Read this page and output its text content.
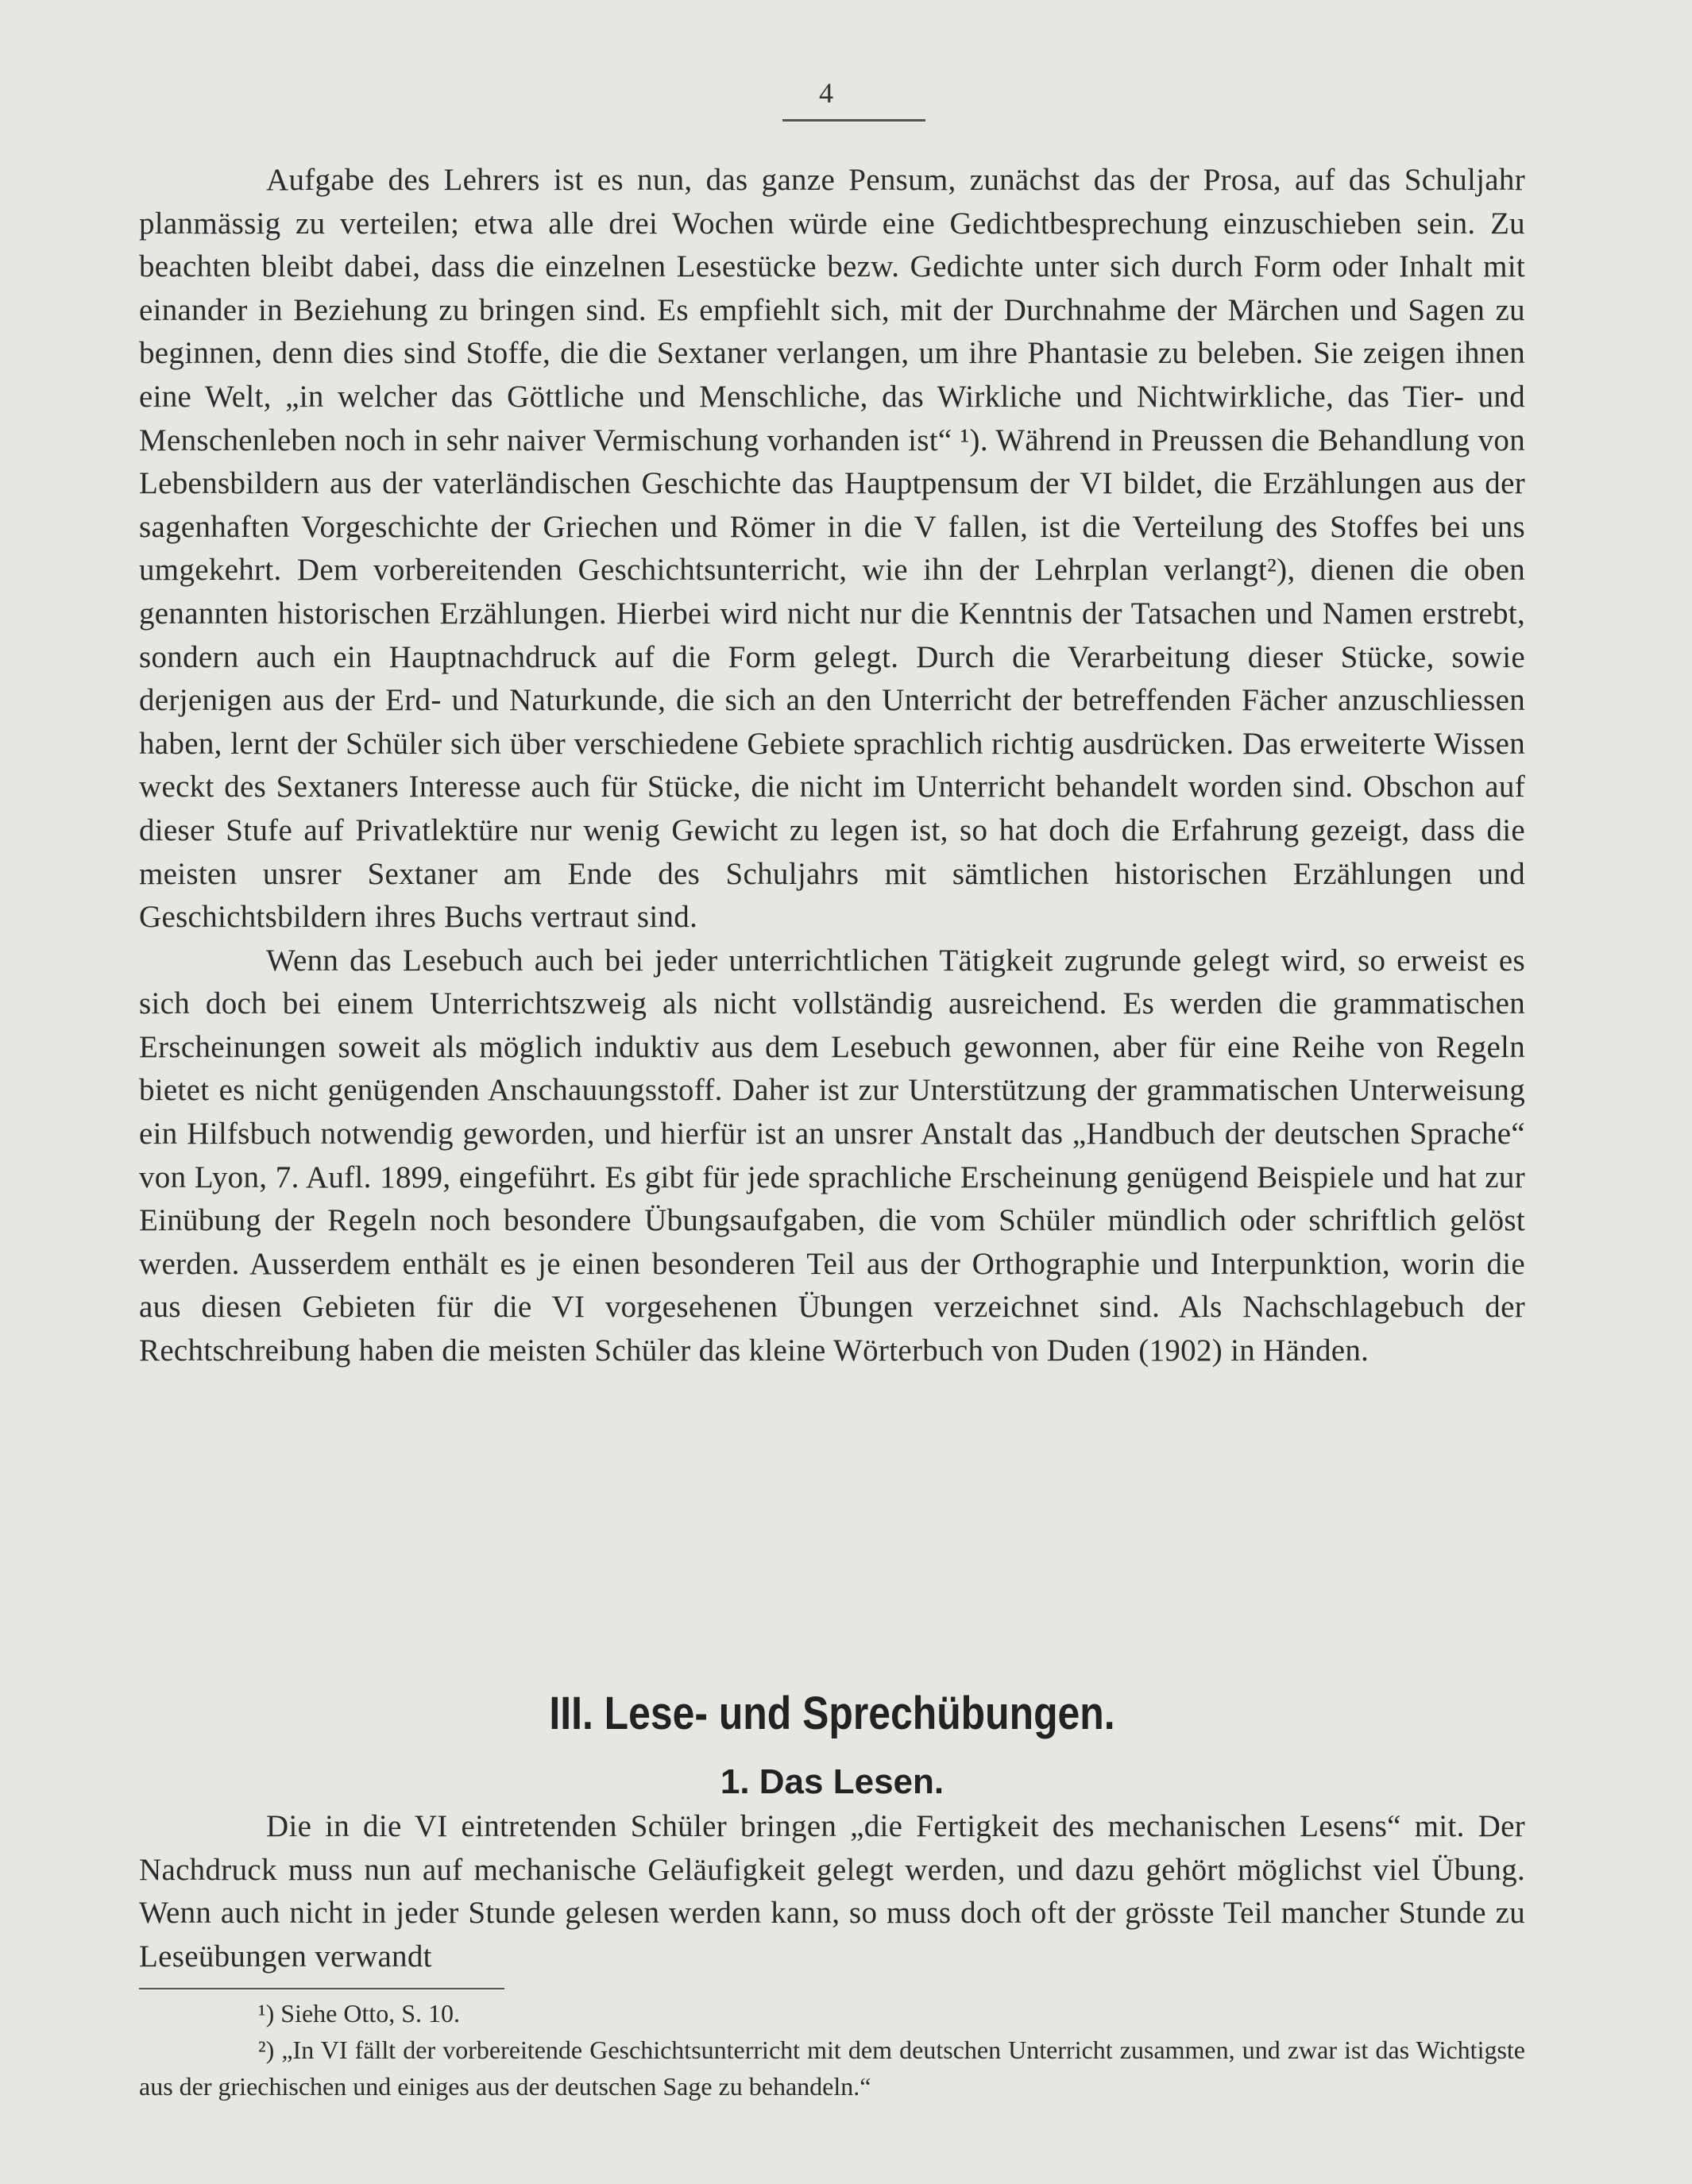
4

Aufgabe des Lehrers ist es nun, das ganze Pensum, zunächst das der Prosa, auf das Schuljahr planmässig zu verteilen; etwa alle drei Wochen würde eine Gedichtbesprechung einzuschieben sein. Zu beachten bleibt dabei, dass die einzelnen Lesestücke bezw. Gedichte unter sich durch Form oder Inhalt mit einander in Beziehung zu bringen sind. Es empfiehlt sich, mit der Durchnahme der Märchen und Sagen zu beginnen, denn dies sind Stoffe, die die Sextaner verlangen, um ihre Phantasie zu beleben. Sie zeigen ihnen eine Welt, „in welcher das Göttliche und Menschliche, das Wirkliche und Nichtwirkliche, das Tier- und Menschenleben noch in sehr naiver Vermischung vorhanden ist“ ¹). Während in Preussen die Behandlung von Lebensbildern aus der vaterländischen Geschichte das Hauptpensum der VI bildet, die Erzählungen aus der sagenhaften Vorgeschichte der Griechen und Römer in die V fallen, ist die Verteilung des Stoffes bei uns umgekehrt. Dem vorbereitenden Geschichtsunterricht, wie ihn der Lehrplan verlangt²), dienen die oben genannten historischen Erzählungen. Hierbei wird nicht nur die Kenntnis der Tatsachen und Namen erstrebt, sondern auch ein Hauptnachdruck auf die Form gelegt. Durch die Verarbeitung dieser Stücke, sowie derjenigen aus der Erd- und Naturkunde, die sich an den Unterricht der betreffenden Fächer anzuschliessen haben, lernt der Schüler sich über verschiedene Gebiete sprachlich richtig ausdrücken. Das erweiterte Wissen weckt des Sextaners Interesse auch für Stücke, die nicht im Unterricht behandelt worden sind. Obschon auf dieser Stufe auf Privatlektüre nur wenig Gewicht zu legen ist, so hat doch die Erfahrung gezeigt, dass die meisten unsrer Sextaner am Ende des Schuljahrs mit sämtlichen historischen Erzählungen und Geschichtsbildern ihres Buchs vertraut sind.

Wenn das Lesebuch auch bei jeder unterrichtlichen Tätigkeit zugrunde gelegt wird, so erweist es sich doch bei einem Unterrichtszweig als nicht vollständig ausreichend. Es werden die grammatischen Erscheinungen soweit als möglich induktiv aus dem Lesebuch gewonnen, aber für eine Reihe von Regeln bietet es nicht genügenden Anschauungsstoff. Daher ist zur Unterstützung der grammatischen Unterweisung ein Hilfsbuch notwendig geworden, und hierfür ist an unsrer Anstalt das „Handbuch der deutschen Sprache“ von Lyon, 7. Aufl. 1899, eingeführt. Es gibt für jede sprachliche Erscheinung genügend Beispiele und hat zur Einübung der Regeln noch besondere Übungsaufgaben, die vom Schüler mündlich oder schriftlich gelöst werden. Ausserdem enthält es je einen besonderen Teil aus der Orthographie und Interpunktion, worin die aus diesen Gebieten für die VI vorgesehenen Übungen verzeichnet sind. Als Nachschlagebuch der Rechtschreibung haben die meisten Schüler das kleine Wörterbuch von Duden (1902) in Händen.

III. Lese- und Sprechübungen.
1. Das Lesen.

Die in die VI eintretenden Schüler bringen „die Fertigkeit des mechanischen Lesens“ mit. Der Nachdruck muss nun auf mechanische Geläufigkeit gelegt werden, und dazu gehört möglichst viel Übung. Wenn auch nicht in jeder Stunde gelesen werden kann, so muss doch oft der grösste Teil mancher Stunde zu Leseübungen verwandt

¹) Siehe Otto, S. 10.

²) „In VI fällt der vorbereitende Geschichtsunterricht mit dem deutschen Unterricht zusammen, und zwar ist das Wichtigste aus der griechischen und einiges aus der deutschen Sage zu behandeln.“
